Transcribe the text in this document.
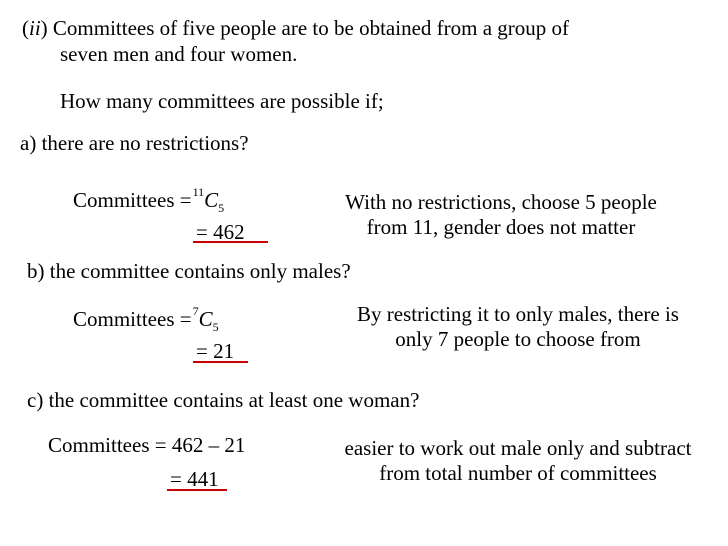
(ii) Committees of five people are to be obtained from a group of
seven men and four women.
How many committees are possible if;
a) there are no restrictions?
Committees $=^{11}C_5$
= 462
With no restrictions, choose 5 people
from 11, gender does not matter
b) the committee contains only males?
Committees $=^7C_5$
= 21
By restricting it to only males, there is
only 7 people to choose from
c) the committee contains at least one woman?
Committees = 462 – 21
= 441
easier to work out male only and subtract
from total number of committees
